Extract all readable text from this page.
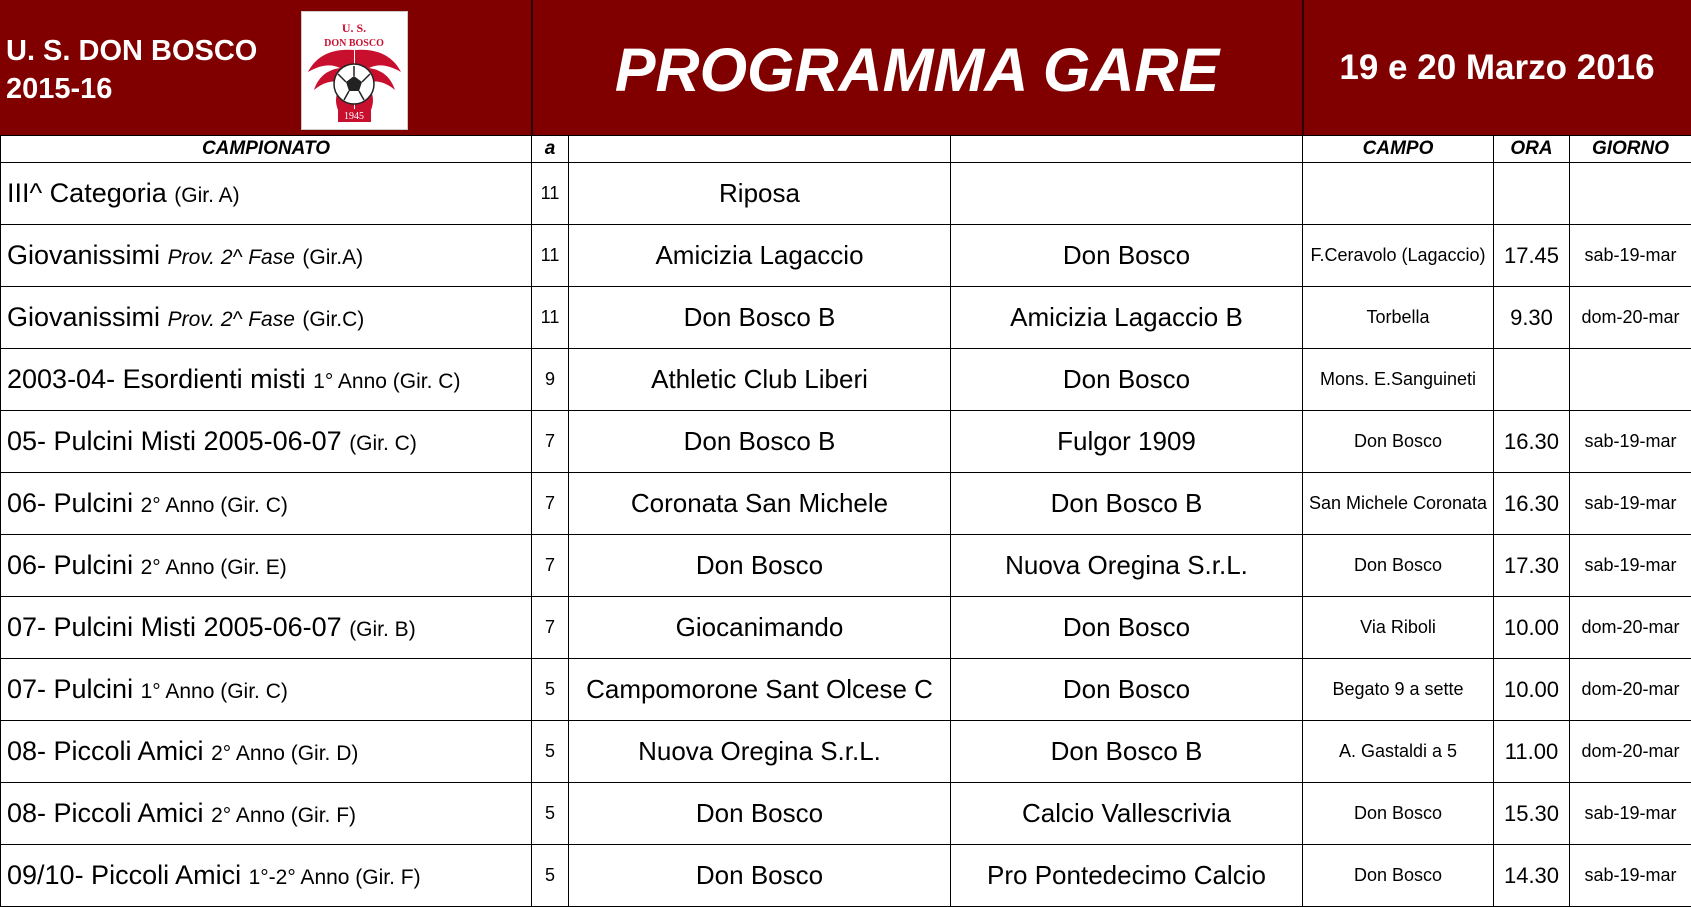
U. S. DON BOSCO
2015-16
U. S.
DON BOSCO
1945
PROGRAMMA GARE	19 e 20 Marzo 2016
CAMPIONATO	a			CAMPO	ORA	GIORNO
III^ Categoria (Gir. A)	11	Riposa				
Giovanissimi Prov. 2^ Fase (Gir.A)	11	Amicizia Lagaccio	Don Bosco	F.Ceravolo (Lagaccio)	17.45	sab-19-mar
Giovanissimi Prov. 2^ Fase (Gir.C)	11	Don Bosco B	Amicizia Lagaccio B	Torbella	9.30	dom-20-mar
2003-04- Esordienti misti 1° Anno (Gir. C)	9	Athletic Club Liberi	Don Bosco	Mons. E.Sanguineti		
05- Pulcini Misti 2005-06-07 (Gir. C)	7	Don Bosco B	Fulgor 1909	Don Bosco	16.30	sab-19-mar
06- Pulcini 2° Anno (Gir. C)	7	Coronata San Michele	Don Bosco B	San Michele Coronata	16.30	sab-19-mar
06- Pulcini 2° Anno (Gir. E)	7	Don Bosco	Nuova Oregina S.r.L.	Don Bosco	17.30	sab-19-mar
07- Pulcini Misti 2005-06-07 (Gir. B)	7	Giocanimando	Don Bosco	Via Riboli	10.00	dom-20-mar
07- Pulcini 1° Anno (Gir. C)	5	Campomorone Sant Olcese C	Don Bosco	Begato 9 a sette	10.00	dom-20-mar
08- Piccoli Amici 2° Anno (Gir. D)	5	Nuova Oregina S.r.L.	Don Bosco B	A. Gastaldi a 5	11.00	dom-20-mar
08- Piccoli Amici 2° Anno (Gir. F)	5	Don Bosco	Calcio Vallescrivia	Don Bosco	15.30	sab-19-mar
09/10- Piccoli Amici 1°-2° Anno (Gir. F)	5	Don Bosco	Pro Pontedecimo Calcio	Don Bosco	14.30	sab-19-mar
